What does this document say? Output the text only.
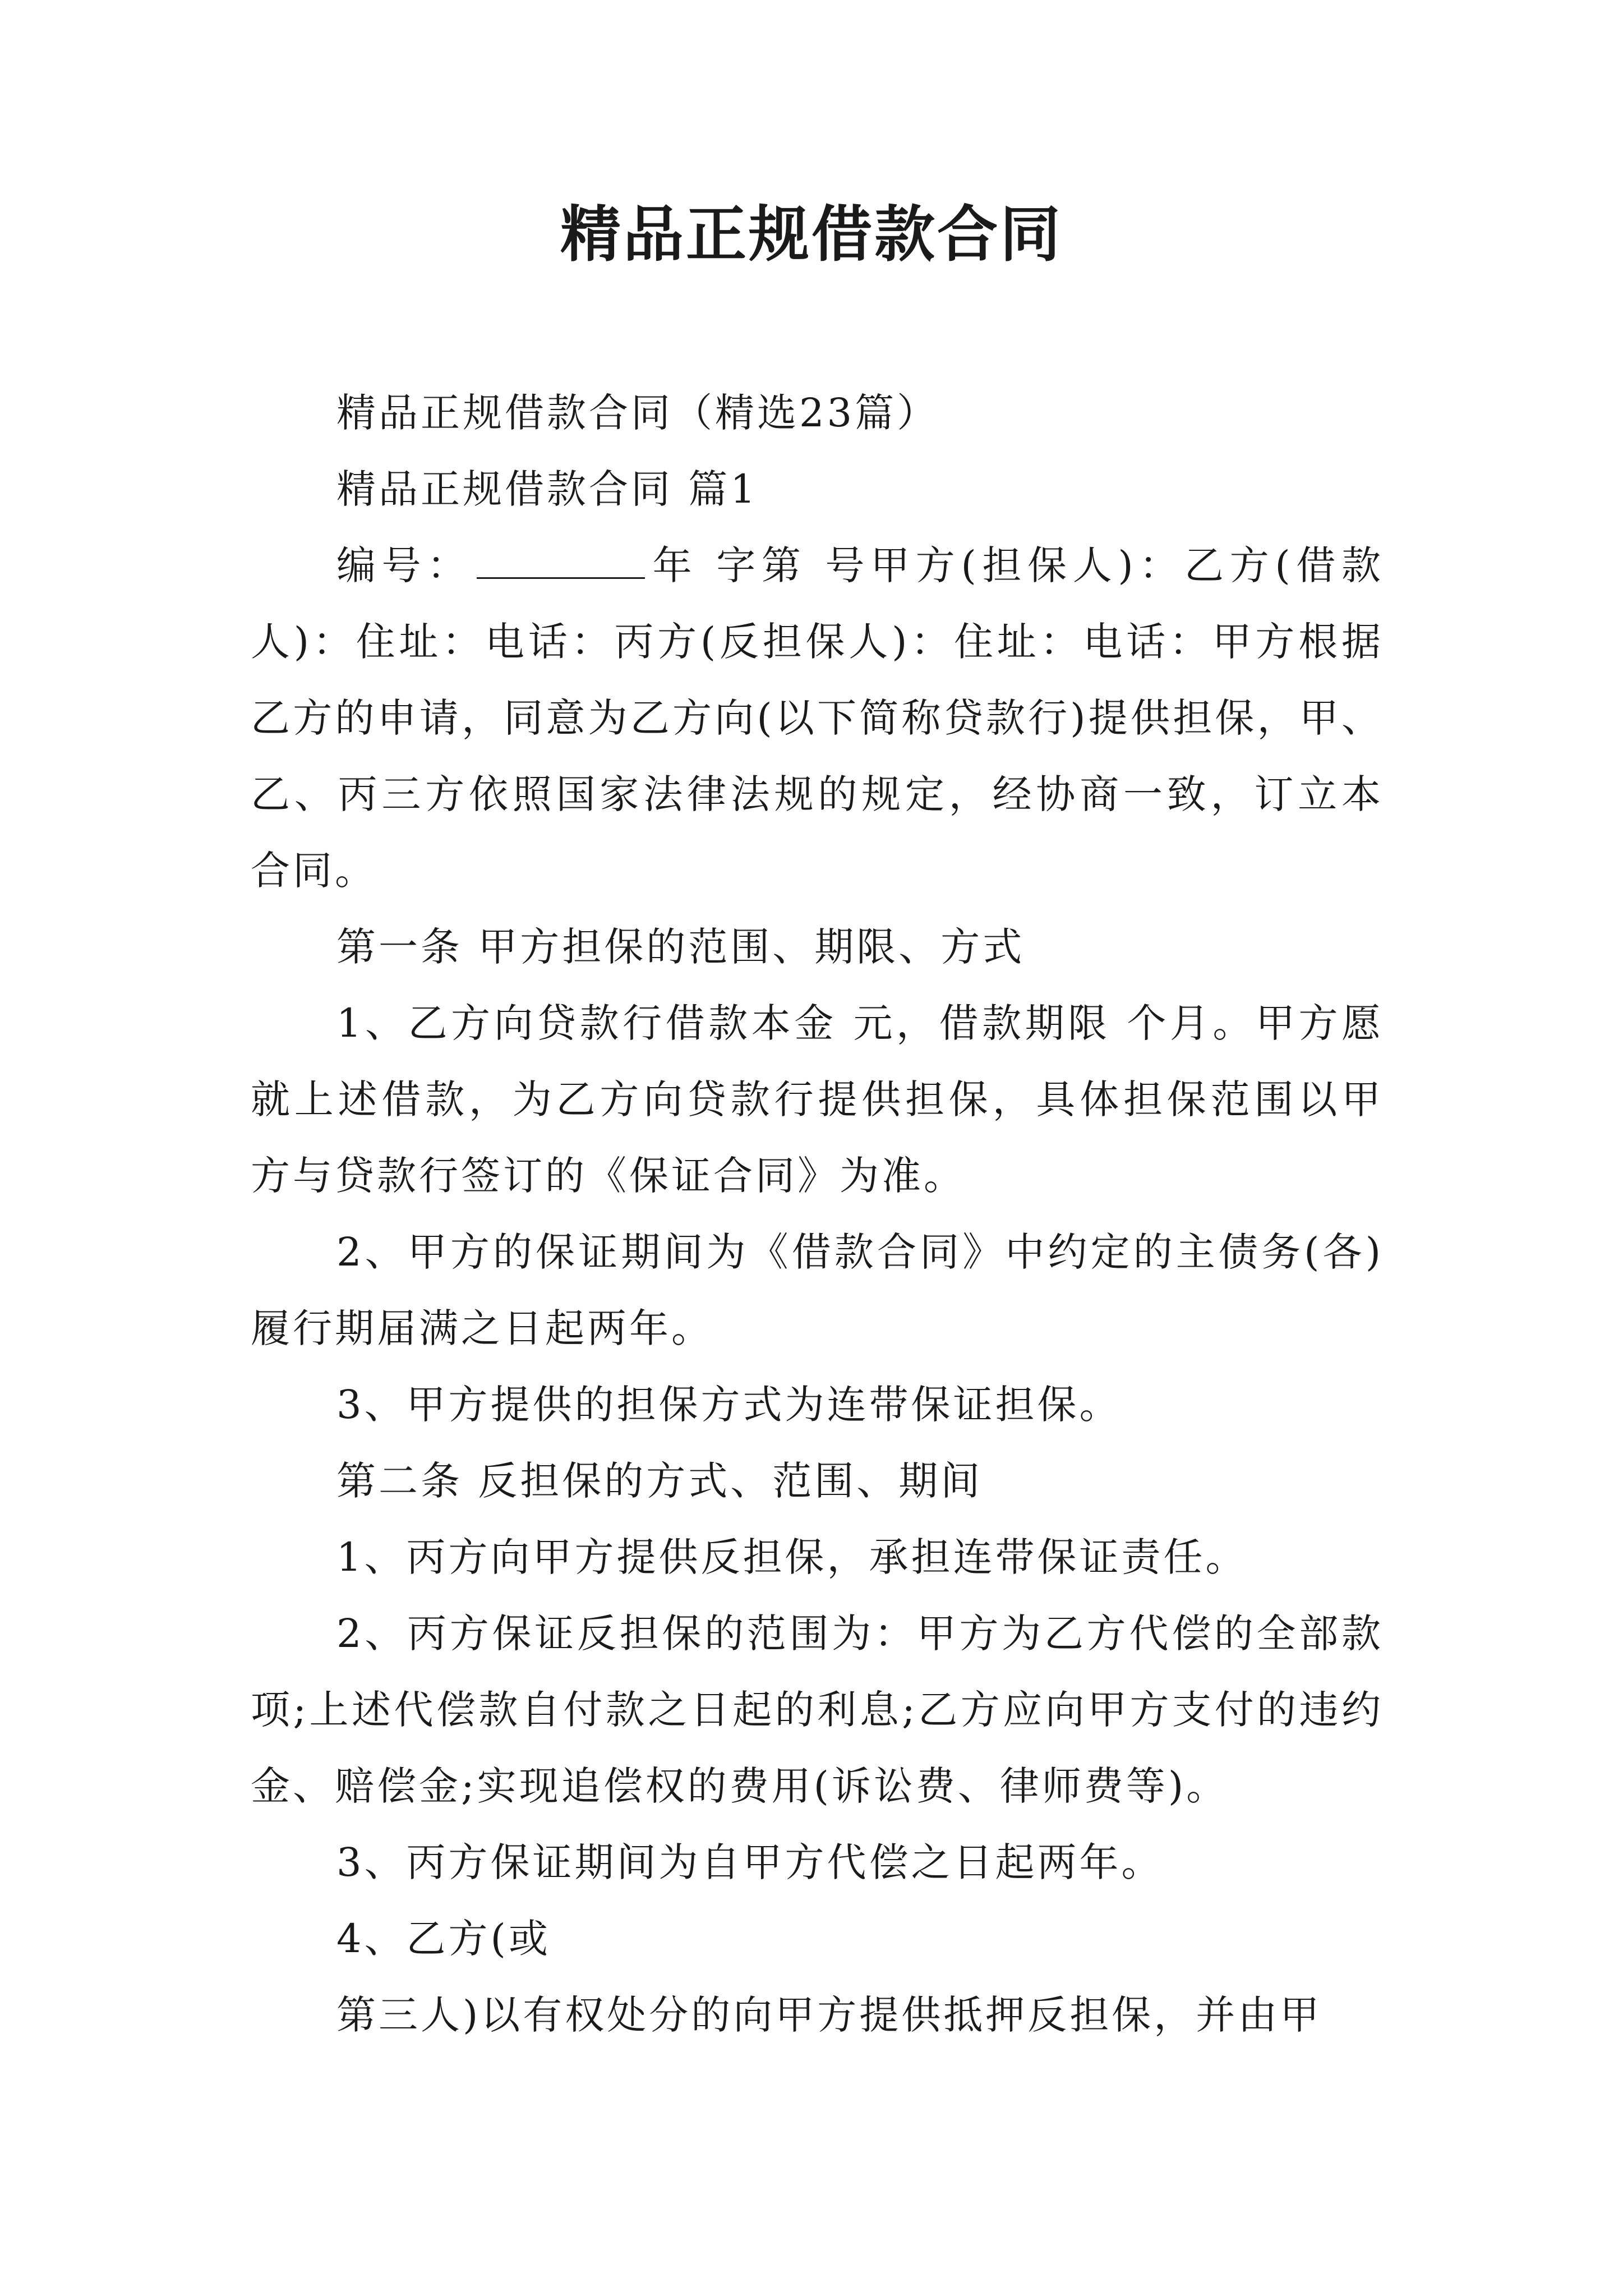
精品正规借款合同

精品正规借款合同（精选23篇）

精品正规借款合同 篇1

编号：	年 字第 号甲方(担保人)：乙方(借款人)：住址：电话：丙方(反担保人)：住址：电话：甲方根据乙方的申请，同意为乙方向(以下简称贷款行)提供担保，甲、乙、丙三方依照国家法律法规的规定，经协商一致，订立本合同。

第一条 甲方担保的范围、期限、方式

1、乙方向贷款行借款本金 元，借款期限 个月。甲方愿就上述借款，为乙方向贷款行提供担保，具体担保范围以甲方与贷款行签订的《保证合同》为准。

2、甲方的保证期间为《借款合同》中约定的主债务(各)履行期届满之日起两年。

3、甲方提供的担保方式为连带保证担保。

第二条 反担保的方式、范围、期间

1、丙方向甲方提供反担保，承担连带保证责任。

2、丙方保证反担保的范围为：甲方为乙方代偿的全部款项;上述代偿款自付款之日起的利息;乙方应向甲方支付的违约金、赔偿金;实现追偿权的费用(诉讼费、律师费等)。

3、丙方保证期间为自甲方代偿之日起两年。

4、乙方(或

第三人)以有权处分的向甲方提供抵押反担保，并由甲
